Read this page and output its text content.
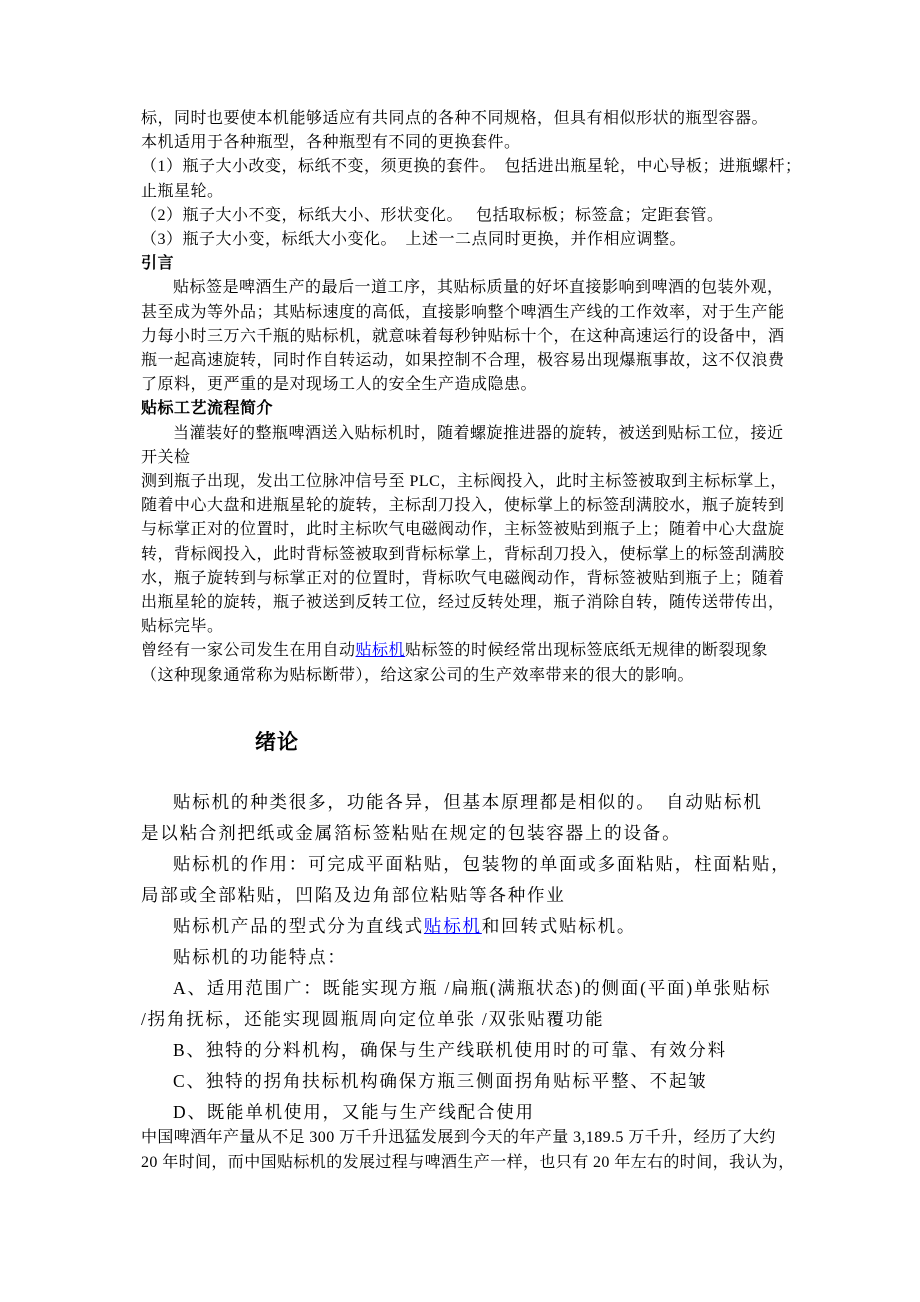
标，同时也要使本机能够适应有共同点的各种不同规格，但具有相似形状的瓶型容器。
本机适用于各种瓶型，各种瓶型有不同的更换套件。
（1）瓶子大小改变，标纸不变，须更换的套件。　包括进出瓶星轮，中心导板；进瓶螺杆；
止瓶星轮。
（2）瓶子大小不变，标纸大小、形状变化。　 包括取标板；标签盒；定距套管。
（3）瓶子大小变，标纸大小变化。　上述一二点同时更换，并作相应调整。
引言
贴标签是啤酒生产的最后一道工序，其贴标质量的好坏直接影响到啤酒的包装外观，
甚至成为等外品；其贴标速度的高低，直接影响整个啤酒生产线的工作效率，对于生产能
力每小时三万六千瓶的贴标机，就意味着每秒钟贴标十个，在这种高速运行的设备中，酒
瓶一起高速旋转，同时作自转运动，如果控制不合理，极容易出现爆瓶事故，这不仅浪费
了原料，更严重的是对现场工人的安全生产造成隐患。
贴标工艺流程简介
当灌装好的整瓶啤酒送入贴标机时，随着螺旋推进器的旋转，被送到贴标工位，接近
开关检
测到瓶子出现，发出工位脉冲信号至 PLC，主标阀投入，此时主标签被取到主标标掌上，
随着中心大盘和进瓶星轮的旋转，主标刮刀投入，使标掌上的标签刮满胶水，瓶子旋转到
与标掌正对的位置时，此时主标吹气电磁阀动作，主标签被贴到瓶子上；随着中心大盘旋
转，背标阀投入，此时背标签被取到背标标掌上，背标刮刀投入，使标掌上的标签刮满胶
水，瓶子旋转到与标掌正对的位置时，背标吹气电磁阀动作，背标签被贴到瓶子上；随着
出瓶星轮的旋转，瓶子被送到反转工位，经过反转处理，瓶子消除自转，随传送带传出，
贴标完毕。
曾经有一家公司发生在用自动贴标机贴标签的时候经常出现标签底纸无规律的断裂现象
（这种现象通常称为贴标断带），给这家公司的生产效率带来的很大的影响。
绪论
贴标机的种类很多，功能各异，但基本原理都是相似的。　自动贴标机
是以粘合剂把纸或金属箔标签粘贴在规定的包装容器上的设备。
贴标机的作用：可完成平面粘贴，包装物的单面或多面粘贴，柱面粘贴，
局部或全部粘贴，凹陷及边角部位粘贴等各种作业
贴标机产品的型式分为直线式贴标机和回转式贴标机。
贴标机的功能特点：
A、适用范围广：既能实现方瓶 /扁瓶(满瓶状态)的侧面(平面)单张贴标
/拐角抚标，还能实现圆瓶周向定位单张 /双张贴覆功能
B、独特的分料机构，确保与生产线联机使用时的可靠、有效分料
C、独特的拐角扶标机构确保方瓶三侧面拐角贴标平整、不起皱
D、既能单机使用，又能与生产线配合使用
中国啤酒年产量从不足 300 万千升迅猛发展到今天的年产量 3,189.5 万千升，经历了大约
20 年时间，而中国贴标机的发展过程与啤酒生产一样，也只有 20 年左右的时间，我认为，
